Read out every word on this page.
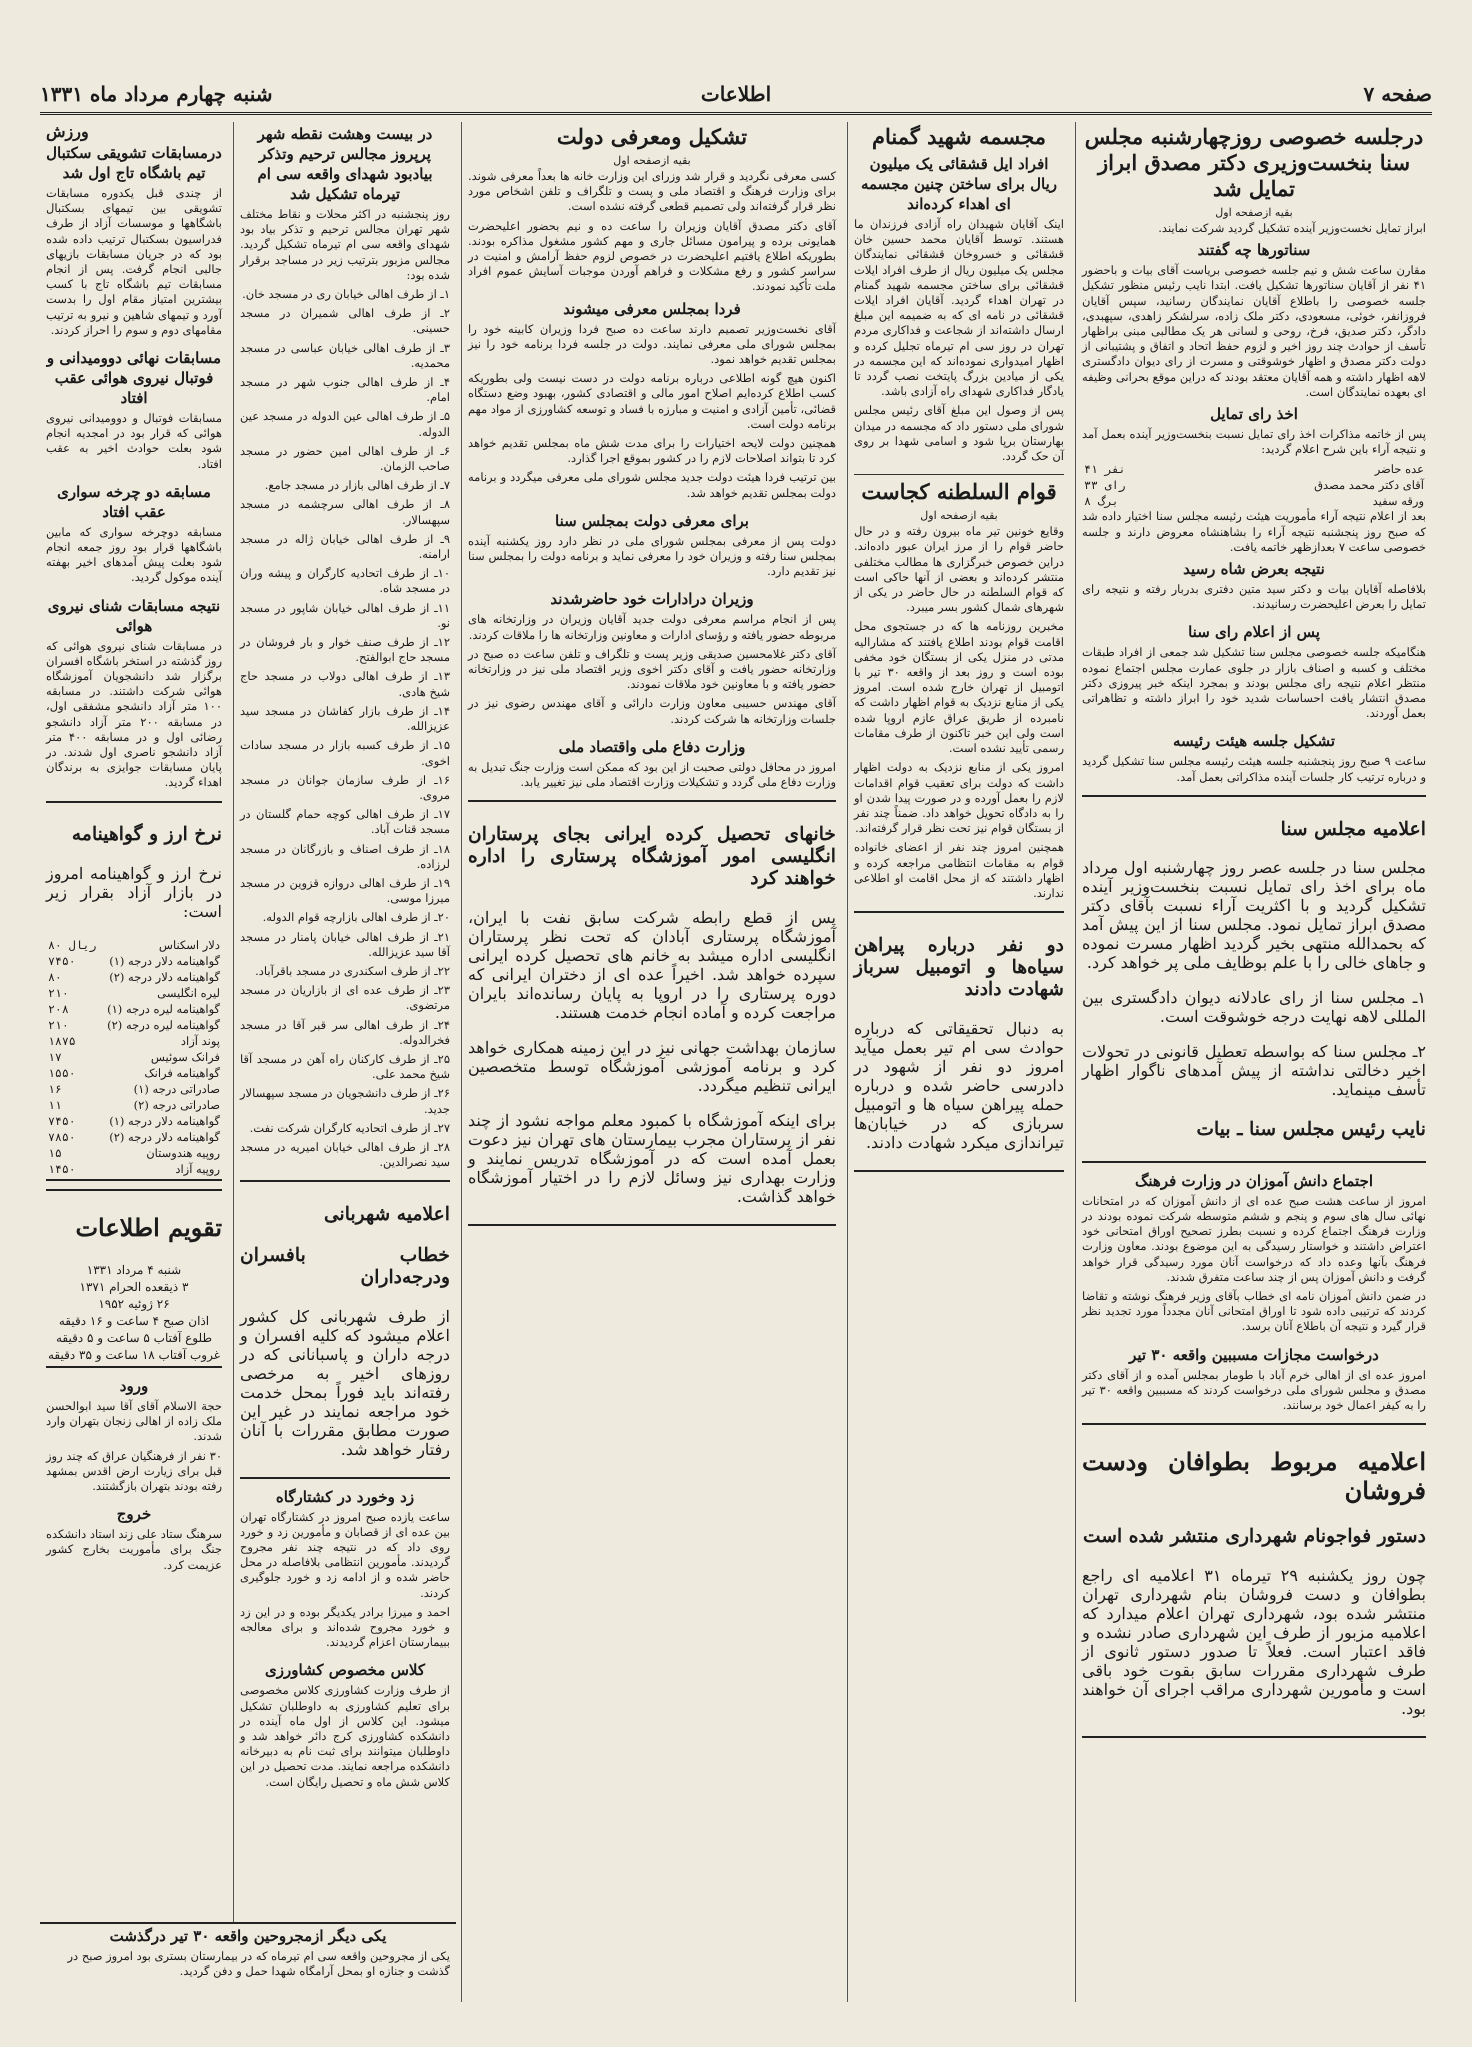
شنبه چهارم مرداد ماه ۱۳۳۱	اطلاعات	صفحه ۷
درجلسه خصوصی روزچهارشنبه مجلس سنا بنخست‌وزیری دکتر مصدق ابراز تمایل شد
بقیه ازصفحه اول

ابراز تمایل نخست‌وزیر آینده تشکیل گردید شرکت نمایند.

سناتورها چه گفتند

مقارن ساعت شش و نیم جلسه خصوصی بریاست آقای بیات و باحضور ۴۱ نفر از آقایان سناتورها تشکیل یافت. ابتدا نایب رئیس منظور تشکیل جلسه خصوصی را باطلاع آقایان نمایندگان رسانید، سپس آقایان فروزانفر، خوئی، مسعودی، دکتر ملک زاده، سرلشکر زاهدی، سپهبدی، دادگر، دکتر صدیق، فرخ، روحی و لسانی هر یک مطالبی مبنی براظهار تأسف از حوادث چند روز اخیر و لزوم حفظ اتحاد و اتفاق و پشتیبانی از دولت دکتر مصدق و اظهار خوشوقتی و مسرت از رای دیوان دادگستری لاهه اظهار داشته و همه آقایان معتقد بودند که دراین موقع بحرانی وظیفه ای بعهده نمایندگان است.

اخذ رای تمایل

پس از خاتمه مذاکرات اخذ رای تمایل نسبت بنخست‌وزیر آینده بعمل آمد و نتیجه آراء باین شرح اعلام گردید:

عده حاضر	۴۱ نفر
آقای دکتر محمد مصدق	۳۳ رای
ورقه سفید	۸ برگ

بعد از اعلام نتیجه آراء مأموریت هیئت رئیسه مجلس سنا اختیار داده شد که صبح روز پنجشنبه نتیجه آراء را بشاهنشاه معروض دارند و جلسه خصوصی ساعت ۷ بعدازظهر خاتمه یافت.

نتیجه بعرض شاه رسید

بلافاصله آقایان بیات و دکتر سید متین دفتری بدربار رفته و نتیجه رای تمایل را بعرض اعلیحضرت رسانیدند.

پس از اعلام رای سنا

هنگامیکه جلسه خصوصی مجلس سنا تشکیل شد جمعی از افراد طبقات مختلف و کسبه و اصناف بازار در جلوی عمارت مجلس اجتماع نموده منتظر اعلام نتیجه رای مجلس بودند و بمجرد اینکه خبر پیروزی دکتر مصدق انتشار یافت احساسات شدید خود را ابراز داشته و تظاهراتی بعمل آوردند.

تشکیل جلسه هیئت رئیسه

ساعت ۹ صبح روز پنجشنبه جلسه هیئت رئیسه مجلس سنا تشکیل گردید و درباره ترتیب کار جلسات آینده مذاکراتی بعمل آمد.

اعلامیه مجلس سنا

مجلس سنا در جلسه عصر روز چهارشنبه اول مرداد ماه برای اخذ رای تمایل نسبت بنخست‌وزیر آینده تشکیل گردید و با اکثریت آراء نسبت بآقای دکتر مصدق ابراز تمایل نمود. مجلس سنا از این پیش آمد که بحمدالله منتهی بخیر گردید اظهار مسرت نموده و جاهای خالی را با علم بوظایف ملی پر خواهد کرد.

۱ـ مجلس سنا از رای عادلانه دیوان دادگستری بین المللی لاهه نهایت درجه خوشوقت است.

۲ـ مجلس سنا که بواسطه تعطیل قانونی در تحولات اخیر دخالتی نداشته از پیش آمدهای ناگوار اظهار تأسف مینماید.

نایب رئیس مجلس سنا ـ بیات
اجتماع دانش آموزان در وزارت فرهنگ

امروز از ساعت هشت صبح عده ای از دانش آموزان که در امتحانات نهائی سال های سوم و پنجم و ششم متوسطه شرکت نموده بودند در وزارت فرهنگ اجتماع کرده و نسبت بطرز تصحیح اوراق امتحانی خود اعتراض داشتند و خواستار رسیدگی به این موضوع بودند. معاون وزارت فرهنگ بآنها وعده داد که درخواست آنان مورد رسیدگی قرار خواهد گرفت و دانش آموزان پس از چند ساعت متفرق شدند.

در ضمن دانش آموزان نامه ای خطاب بآقای وزیر فرهنگ نوشته و تقاضا کردند که ترتیبی داده شود تا اوراق امتحانی آنان مجدداً مورد تجدید نظر قرار گیرد و نتیجه آن باطلاع آنان برسد.

درخواست مجازات مسببین واقعه ۳۰ تیر

امروز عده ای از اهالی خرم آباد با طومار بمجلس آمده و از آقای دکتر مصدق و مجلس شورای ملی درخواست کردند که مسببین واقعه ۳۰ تیر را به کیفر اعمال خود برسانند.

اعلامیه مربوط بطوافان ودست فروشان
دستور فوا‌جونام شهرداری منتشر شده است

چون روز یکشنبه ۲۹ تیرماه ۳۱ اعلامیه ای راجع بطوافان و دست فروشان بنام شهرداری تهران منتشر شده بود، شهرداری تهران اعلام میدارد که اعلامیه مزبور از طرف این شهرداری صادر نشده و فاقد اعتبار است. فعلاً تا صدور دستور ثانوی از طرف شهرداری مقررات سابق بقوت خود باقی است و مأمورین شهرداری مراقب اجرای آن خواهند بود.

مجسمه شهید گمنام
افراد ایل قشقائی یک میلیون ریال برای ساختن چنین مجسمه ای اهداء کرده‌اند

اینک آقایان شهیدان راه آزادی فرزندان ما هستند. توسط آقایان محمد حسین خان قشقائی و خسروخان قشقائی نمایندگان مجلس یک میلیون ریال از طرف افراد ایلات قشقائی برای ساختن مجسمه شهید گمنام در تهران اهداء گردید. آقایان افراد ایلات قشقائی در نامه ای که به ضمیمه این مبلغ ارسال داشته‌اند از شجاعت و فداکاری مردم تهران در روز سی ام تیرماه تجلیل کرده و اظهار امیدواری نموده‌اند که این مجسمه در یکی از میادین بزرگ پایتخت نصب گردد تا یادگار فداکاری شهدای راه آزادی باشد.

پس از وصول این مبلغ آقای رئیس مجلس شورای ملی دستور داد که مجسمه در میدان بهارستان برپا شود و اسامی شهدا بر روی آن حک گردد.

قوام السلطنه کجاست
بقیه ازصفحه اول

وقایع خونین تیر ماه بیرون رفته و در حال حاضر قوام را از مرز ایران عبور داده‌اند. دراین خصوص خبرگزاری ها مطالب مختلفی منتشر کرده‌اند و بعضی از آنها حاکی است که قوام السلطنه در حال حاضر در یکی از شهرهای شمال کشور بسر میبرد.

مخبرین روزنامه ها که در جستجوی محل اقامت قوام بودند اطلاع یافتند که مشارالیه مدتی در منزل یکی از بستگان خود مخفی بوده است و روز بعد از واقعه ۳۰ تیر با اتومبیل از تهران خارج شده است. امروز یکی از منابع نزدیک به قوام اظهار داشت که نامبرده از طریق عراق عازم اروپا شده است ولی این خبر تاکنون از طرف مقامات رسمی تأیید نشده است.

امروز یکی از منابع نزدیک به دولت اظهار داشت که دولت برای تعقیب قوام اقدامات لازم را بعمل آورده و در صورت پیدا شدن او را به دادگاه تحویل خواهد داد. ضمناً چند نفر از بستگان قوام نیز تحت نظر قرار گرفته‌اند.

همچنین امروز چند نفر از اعضای خانواده قوام به مقامات انتظامی مراجعه کرده و اظهار داشتند که از محل اقامت او اطلاعی ندارند.

دو نفر درباره پیراهن سیاه‌ها و اتومبیل سرباز شهادت دادند

به دنبال تحقیقاتی که درباره حوادث سی ام تیر بعمل میآید امروز دو نفر از شهود در دادرسی حاضر شده و درباره حمله پیراهن سیاه ها و اتومبیل سربازی که در خیابان‌ها تیراندازی میکرد شهادت دادند.

تشکیل ومعرفی دولت
بقیه ازصفحه اول

کسی معرفی نگردید و قرار شد وزرای این وزارت خانه ها بعداً معرفی شوند. برای وزارت فرهنگ و اقتصاد ملی و پست و تلگراف و تلفن اشخاص مورد نظر قرار گرفته‌اند ولی تصمیم قطعی گرفته نشده است.

آقای دکتر مصدق آقایان وزیران را ساعت ده و نیم بحضور اعلیحضرت همایونی برده و پیرامون مسائل جاری و مهم کشور مشغول مذاکره بودند. بطوریکه اطلاع یافتیم اعلیحضرت در خصوص لزوم حفظ آرامش و امنیت در سراسر کشور و رفع مشکلات و فراهم آوردن موجبات آسایش عموم افراد ملت تأکید نمودند.

فردا بمجلس معرفی میشوند

آقای نخست‌وزیر تصمیم دارند ساعت ده صبح فردا وزیران کابینه خود را بمجلس شورای ملی معرفی نمایند. دولت در جلسه فردا برنامه خود را نیز بمجلس تقدیم خواهد نمود.

اکنون هیچ گونه اطلاعی درباره برنامه دولت در دست نیست ولی بطوریکه کسب اطلاع کرده‌ایم اصلاح امور مالی و اقتصادی کشور، بهبود وضع دستگاه قضائی، تأمین آزادی و امنیت و مبارزه با فساد و توسعه کشاورزی از مواد مهم برنامه دولت است.

همچنین دولت لایحه اختیارات را برای مدت شش ماه بمجلس تقدیم خواهد کرد تا بتواند اصلاحات لازم را در کشور بموقع اجرا گذارد.

بین ترتیب فردا هیئت دولت جدید مجلس شورای ملی معرفی میگردد و برنامه دولت بمجلس تقدیم خواهد شد.

برای معرفی دولت بمجلس سنا

دولت پس از معرفی بمجلس شورای ملی در نظر دارد روز یکشنبه آینده بمجلس سنا رفته و وزیران خود را معرفی نماید و برنامه دولت را بمجلس سنا نیز تقدیم دارد.

وزیران درادارات خود حاضرشدند

پس از انجام مراسم معرفی دولت جدید آقایان وزیران در وزارتخانه های مربوطه حضور یافته و رؤسای ادارات و معاونین وزارتخانه ها را ملاقات کردند.

آقای دکتر غلامحسین صدیقی وزیر پست و تلگراف و تلفن ساعت ده صبح در وزارتخانه حضور یافت و آقای دکتر اخوی وزیر اقتصاد ملی نیز در وزارتخانه حضور یافته و با معاونین خود ملاقات نمودند.

آقای مهندس حسیبی معاون وزارت دارائی و آقای مهندس رضوی نیز در جلسات وزارتخانه ها شرکت کردند.

وزارت دفاع ملی واقتصاد ملی

امروز در محافل دولتی صحبت از این بود که ممکن است وزارت جنگ تبدیل به وزارت دفاع ملی گردد و تشکیلات وزارت اقتصاد ملی نیز تغییر یابد.

خانهای تحصیل کرده ایرانی بجای پرستاران انگلیسی امور آموزشگاه پرستاری را اداره خواهند کرد

پس از قطع رابطه شرکت سابق نفت با ایران، آموزشگاه پرستاری آبادان که تحت نظر پرستاران انگلیسی اداره میشد به خانم های تحصیل کرده ایرانی سپرده خواهد شد. اخیراً عده ای از دختران ایرانی که دوره پرستاری را در اروپا به پایان رسانده‌اند بایران مراجعت کرده و آماده انجام خدمت هستند.

سازمان بهداشت جهانی نیز در این زمینه همکاری خواهد کرد و برنامه آموزشی آموزشگاه توسط متخصصین ایرانی تنظیم میگردد.

برای اینکه آموزشگاه با کمبود معلم مواجه نشود از چند نفر از پرستاران مجرب بیمارستان های تهران نیز دعوت بعمل آمده است که در آموزشگاه تدریس نمایند و وزارت بهداری نیز وسائل لازم را در اختیار آموزشگاه خواهد گذاشت.

در بیست وهشت نقطه شهر پرپروز مجالس ترحیم وتذکر بیادبود شهدای واقعه سی ام تیرماه تشکیل شد

روز پنجشنبه در اکثر محلات و نقاط مختلف شهر تهران مجالس ترحیم و تذکر بیاد بود شهدای واقعه سی ام تیرماه تشکیل گردید. مجالس مزبور بترتیب زیر در مساجد برقرار شده بود:

۱ـ از طرف اهالی خیابان ری در مسجد خان.

۲ـ از طرف اهالی شمیران در مسجد حسینی.

۳ـ از طرف اهالی خیابان عباسی در مسجد محمدیه.

۴ـ از طرف اهالی جنوب شهر در مسجد امام.

۵ـ از طرف اهالی عین الدوله در مسجد عین الدوله.

۶ـ از طرف اهالی امین حضور در مسجد صاحب الزمان.

۷ـ از طرف اهالی بازار در مسجد جامع.

۸ـ از طرف اهالی سرچشمه در مسجد سپهسالار.

۹ـ از طرف اهالی خیابان ژاله در مسجد ارامنه.

۱۰ـ از طرف اتحادیه کارگران و پیشه وران در مسجد شاه.

۱۱ـ از طرف اهالی خیابان شاپور در مسجد نو.

۱۲ـ از طرف صنف خوار و بار فروشان در مسجد حاج ابوالفتح.

۱۳ـ از طرف اهالی دولاب در مسجد حاج شیخ هادی.

۱۴ـ از طرف بازار کفاشان در مسجد سید عزیزالله.

۱۵ـ از طرف کسبه بازار در مسجد سادات اخوی.

۱۶ـ از طرف سازمان جوانان در مسجد مروی.

۱۷ـ از طرف اهالی کوچه حمام گلستان در مسجد قنات آباد.

۱۸ـ از طرف اصناف و بازرگانان در مسجد لرزاده.

۱۹ـ از طرف اهالی دروازه قزوین در مسجد میرزا موسی.

۲۰ـ از طرف اهالی بازارچه قوام الدوله.

۲۱ـ از طرف اهالی خیابان پامنار در مسجد آقا سید عزیزالله.

۲۲ـ از طرف اسکندری در مسجد باقرآباد.

۲۳ـ از طرف عده ای از بازاریان در مسجد مرتضوی.

۲۴ـ از طرف اهالی سر قبر آقا در مسجد فخرالدوله.

۲۵ـ از طرف کارکنان راه آهن در مسجد آقا شیخ محمد علی.

۲۶ـ از طرف دانشجویان در مسجد سپهسالار جدید.

۲۷ـ از طرف اتحادیه کارگران شرکت نفت.

۲۸ـ از طرف اهالی خیابان امیریه در مسجد سید نصرالدین.

اعلامیه شهربانی
خطاب بافسران ودرجه‌داران

از طرف شهربانی کل کشور اعلام میشود که کلیه افسران و درجه داران و پاسبانانی که در روزهای اخیر به مرخصی رفته‌اند باید فوراً بمحل خدمت خود مراجعه نمایند در غیر این صورت مطابق مقررات با آنان رفتار خواهد شد.

زد وخورد در کشتارگاه

ساعت یازده صبح امروز در کشتارگاه تهران بین عده ای از قصابان و مأمورین زد و خورد روی داد که در نتیجه چند نفر مجروح گردیدند. مأمورین انتظامی بلافاصله در محل حاضر شده و از ادامه زد و خورد جلوگیری کردند.

احمد و میرزا برادر یکدیگر بوده و در این زد و خورد مجروح شده‌اند و برای معالجه ببیمارستان اعزام گردیدند.

کلاس مخصوص کشاورزی

از طرف وزارت کشاورزی کلاس مخصوصی برای تعلیم کشاورزی به داوطلبان تشکیل میشود. این کلاس از اول ماه آینده در دانشکده کشاورزی کرج دائر خواهد شد و داوطلبان میتوانند برای ثبت نام به دبیرخانه دانشکده مراجعه نمایند. مدت تحصیل در این کلاس شش ماه و تحصیل رایگان است.

ورزش
درمسابقات تشویقی سکتبال تیم باشگاه تاج اول شد

از چندی قبل یکدوره مسابقات تشویقی بین تیمهای بسکتبال باشگاهها و موسسات آزاد از طرف فدراسیون بسکتبال ترتیب داده شده بود که در جریان مسابقات بازیهای جالبی انجام گرفت. پس از انجام مسابقات تیم باشگاه تاج با کسب بیشترین امتیاز مقام اول را بدست آورد و تیمهای شاهین و نیرو به ترتیب مقامهای دوم و سوم را احراز کردند.

مسابقات نهائی دوومیدانی و فوتبال نیروی هوائی عقب افتاد

مسابقات فوتبال و دوومیدانی نیروی هوائی که قرار بود در امجدیه انجام شود بعلت حوادث اخیر به عقب افتاد.

مسابقه دو چرخه سواری عقب افتاد

مسابقه دوچرخه سواری که مابین باشگاهها قرار بود روز جمعه انجام شود بعلت پیش آمدهای اخیر بهفته آینده موکول گردید.

نتیجه مسابقات شنای نیروی هوائی

در مسابقات شنای نیروی هوائی که روز گذشته در استخر باشگاه افسران برگزار شد دانشجویان آموزشگاه هوائی شرکت داشتند. در مسابقه ۱۰۰ متر آزاد دانشجو مشفقی اول، در مسابقه ۲۰۰ متر آزاد دانشجو رضائی اول و در مسابقه ۴۰۰ متر آزاد دانشجو ناصری اول شدند. در پایان مسابقات جوایزی به برندگان اهداء گردید.

نرخ ارز و گواهینامه

نرخ ارز و گواهینامه امروز در بازار آزاد بقرار زیر است:

دلار اسکناس	۸۰ ریال
گواهینامه دلار درجه (۱)	۷۴۵۰
گواهینامه دلار درجه (۲)	۸۰
لیره انگلیسی	۲۱۰
گواهینامه لیره درجه (۱)	۲۰۸
گواهینامه لیره درجه (۲)	۲۱۰
پوند آزاد	۱۸۷۵
فرانک سوئیس	۱۷
گواهینامه فرانک	۱۵۵۰
صادراتی درجه (۱)	۱۶
صادراتی درجه (۲)	۱۱
گواهینامه دلار درجه (۱)	۷۴۵۰
گواهینامه دلار درجه (۲)	۷۸۵۰
روپیه هندوستان	۱۵
روپیه آزاد	۱۴۵۰
تقویم اطلاعات
شنبه ۴ مرداد ۱۳۳۱
۳ ذیقعده الحرام ۱۳۷۱
۲۶ ژوئیه ۱۹۵۲
اذان صبح ۴ ساعت و ۱۶ دقیقه
طلوع آفتاب ۵ ساعت و ۵ دقیقه
غروب آفتاب ۱۸ ساعت و ۳۵ دقیقه
ورود

حجة الاسلام آقای آقا سید ابوالحسن ملک زاده از اهالی زنجان بتهران وارد شدند.

۳۰ نفر از فرهنگیان عراق که چند روز قبل برای زیارت ارض اقدس بمشهد رفته بودند بتهران بازگشتند.

خروج

سرهنگ ستاد علی زند استاد دانشکده جنگ برای مأموریت بخارج کشور عزیمت کرد.

یکی دیگر ازمجروحین واقعه ۳۰ تیر درگذشت

یکی از مجروحین واقعه سی ام تیرماه که در بیمارستان بستری بود امروز صبح در گذشت و جنازه او بمحل آرامگاه شهدا حمل و دفن گردید.
